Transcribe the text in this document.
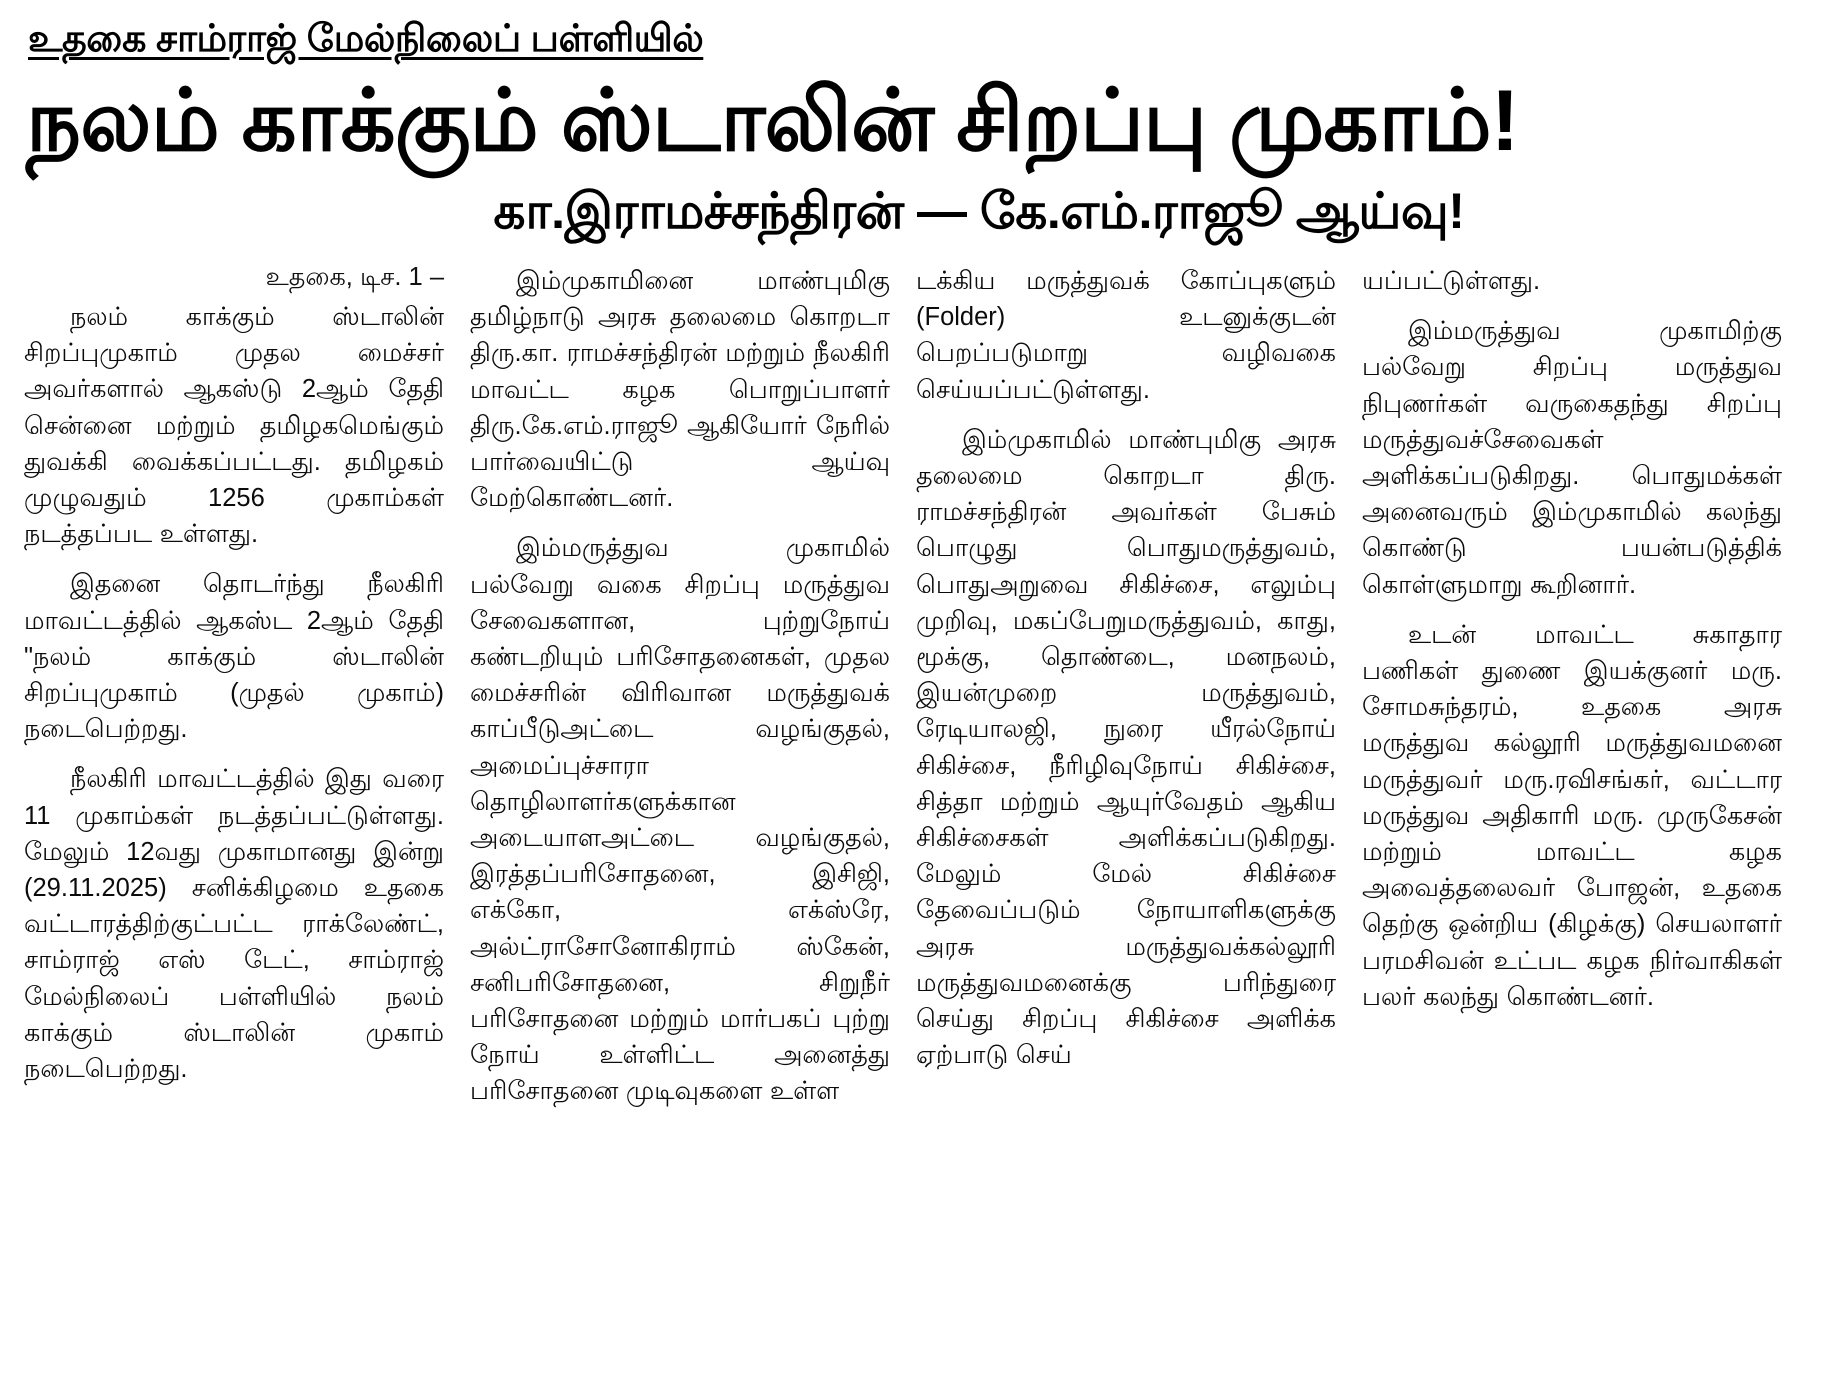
உதகை சாம்ராஜ் மேல்நிலைப் பள்ளியில்
நலம் காக்கும் ஸ்டாலின் சிறப்பு முகாம்!
கா.இராமச்சந்திரன் — கே.எம்.ராஜூ ஆய்வு!
உதகை, டிச. 1 –

நலம் காக்கும் ஸ்டாலின் சிறப்புமுகாம் முதல மைச்சர் அவர்களால் ஆகஸ்டு 2ஆம் தேதி சென்னை மற்றும் தமிழகமெங்கும் துவக்கி வைக்கப்பட்டது. தமிழகம் முழுவதும் 1256 முகாம்கள் நடத்தப்பட உள்ளது.

இதனை தொடர்ந்து நீலகிரி மாவட்டத்தில் ஆகஸ்ட 2ஆம் தேதி "நலம் காக்கும் ஸ்டாலின் சிறப்புமுகாம் (முதல் முகாம்) நடைபெற்றது.

நீலகிரி மாவட்டத்தில் இது வரை 11 முகாம்கள் நடத்தப்பட்டுள்ளது. மேலும் 12வது முகாமானது இன்று (29.11.2025) சனிக்கிழமை உதகை வட்டாரத்திற்குட்பட்ட ராக்லேண்ட், சாம்ராஜ் எஸ் டேட், சாம்ராஜ் மேல்நிலைப் பள்ளியில் நலம் காக்கும் ஸ்டாலின் முகாம் நடைபெற்றது.

இம்முகாமினை மாண்புமிகு தமிழ்நாடு அரசு தலைமை கொறடா திரு.கா. ராமச்சந்திரன் மற்றும் நீலகிரி மாவட்ட கழக பொறுப்பாளர் திரு.கே.எம்.ராஜூ ஆகியோர் நேரில் பார்வையிட்டு ஆய்வு மேற்கொண்டனர்.

இம்மருத்துவ முகாமில் பல்வேறு வகை சிறப்பு மருத்துவ சேவைகளான, புற்றுநோய் கண்டறியும் பரிசோதனைகள், முதல மைச்சரின் விரிவான மருத்துவக் காப்பீடுஅட்டை வழங்குதல், அமைப்புச்சாரா தொழிலாளர்களுக்கான அடையாளஅட்டை வழங்குதல், இரத்தப்பரிசோதனை, இசிஜி, எக்கோ, எக்ஸ்ரே, அல்ட்ராசோனோகிராம் ஸ்கேன், சனிபரிசோதனை, சிறுநீர் பரிசோதனை மற்றும் மார்பகப் புற்று நோய் உள்ளிட்ட அனைத்து பரிசோதனை முடிவுகளை உள்ள

டக்கிய மருத்துவக் கோப்புகளும் (Folder) உடனுக்குடன் பெறப்படுமாறு வழிவகை செய்யப்பட்டுள்ளது.

இம்முகாமில் மாண்புமிகு அரசு தலைமை கொறடா திரு. ராமச்சந்திரன் அவர்கள் பேசும் பொழுது பொதுமருத்துவம், பொதுஅறுவை சிகிச்சை, எலும்பு முறிவு, மகப்பேறுமருத்துவம், காது, மூக்கு, தொண்டை, மனநலம், இயன்முறை மருத்துவம், ரேடியாலஜி, நுரை யீரல்நோய் சிகிச்சை, நீரிழிவுநோய் சிகிச்சை, சித்தா மற்றும் ஆயுர்வேதம் ஆகிய சிகிச்சைகள் அளிக்கப்படுகிறது. மேலும் மேல் சிகிச்சை தேவைப்படும் நோயாளிகளுக்கு அரசு மருத்துவக்கல்லூரி மருத்துவமனைக்கு பரிந்துரை செய்து சிறப்பு சிகிச்சை அளிக்க ஏற்பாடு செய்

யப்பட்டுள்ளது.

இம்மருத்துவ முகாமிற்கு பல்வேறு சிறப்பு மருத்துவ நிபுணர்கள் வருகைதந்து சிறப்பு மருத்துவச்சேவைகள் அளிக்கப்படுகிறது. பொதுமக்கள் அனைவரும் இம்முகாமில் கலந்து கொண்டு பயன்படுத்திக் கொள்ளுமாறு கூறினார்.

உடன் மாவட்ட சுகாதார பணிகள் துணை இயக்குனர் மரு. சோமசுந்தரம், உதகை அரசு மருத்துவ கல்லூரி மருத்துவமனை மருத்துவர் மரு.ரவிசங்கர், வட்டார மருத்துவ அதிகாரி மரு. முருகேசன் மற்றும் மாவட்ட கழக அவைத்தலைவர் போஜன், உதகை தெற்கு ஒன்றிய (கிழக்கு) செயலாளர் பரமசிவன் உட்பட கழக நிர்வாகிகள் பலர் கலந்து கொண்டனர்.
